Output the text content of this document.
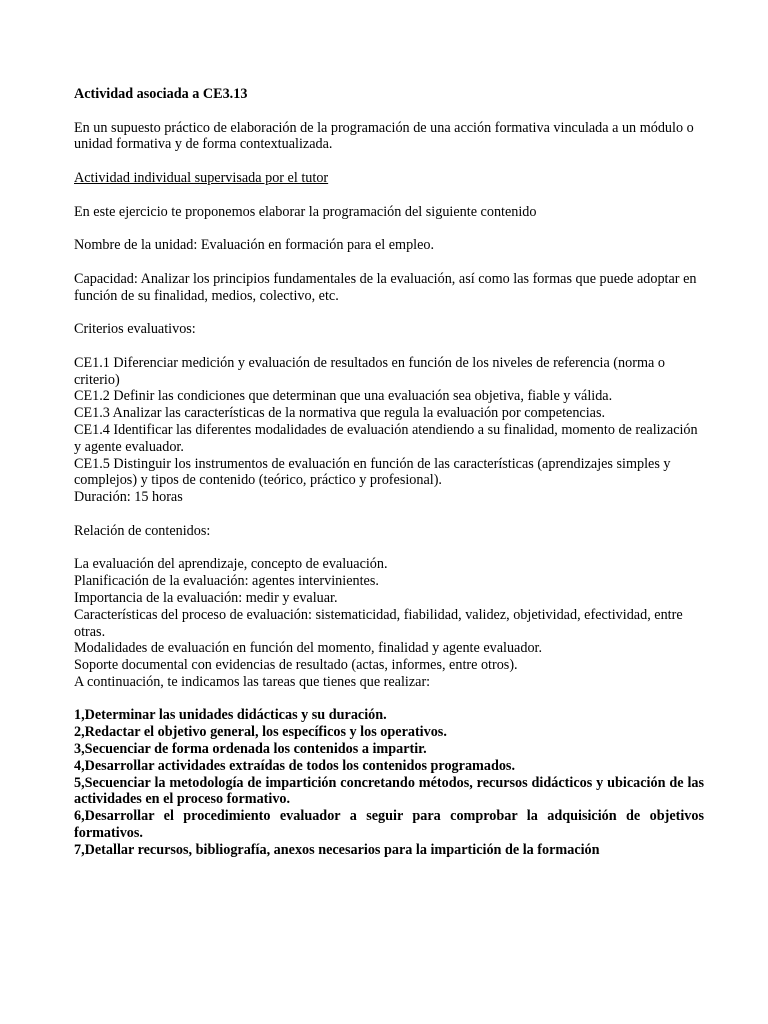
Actividad asociada a CE3.13

En un supuesto práctico de elaboración de la programación de una acción formativa vinculada a un módulo o unidad formativa y de forma contextualizada.

Actividad individual supervisada por el tutor

En este ejercicio te proponemos elaborar la programación del siguiente contenido

Nombre de la unidad: Evaluación en formación para el empleo.

Capacidad: Analizar los principios fundamentales de la evaluación, así como las formas que puede adoptar en función de su finalidad, medios, colectivo, etc.

Criterios evaluativos:

CE1.1 Diferenciar medición y evaluación de resultados en función de los niveles de referencia (norma o criterio)

CE1.2 Definir las condiciones que determinan que una evaluación sea objetiva, fiable y válida.

CE1.3 Analizar las características de la normativa que regula la evaluación por competencias.

CE1.4 Identificar las diferentes modalidades de evaluación atendiendo a su finalidad, momento de realización y agente evaluador.

CE1.5 Distinguir los instrumentos de evaluación en función de las características (aprendizajes simples y complejos) y tipos de contenido (teórico, práctico y profesional).

Duración: 15 horas

Relación de contenidos:

La evaluación del aprendizaje, concepto de evaluación.

Planificación de la evaluación: agentes intervinientes.

Importancia de la evaluación: medir y evaluar.

Características del proceso de evaluación: sistematicidad, fiabilidad, validez, objetividad, efectividad, entre otras.

Modalidades de evaluación en función del momento, finalidad y agente evaluador.

Soporte documental con evidencias de resultado (actas, informes, entre otros).

A continuación, te indicamos las tareas que tienes que realizar:

1,Determinar las unidades didácticas y su duración.

2,Redactar el objetivo general, los específicos y los operativos.

3,Secuenciar de forma ordenada los contenidos a impartir.

4,Desarrollar actividades extraídas de todos los contenidos programados.

5,Secuenciar la metodología de impartición concretando métodos, recursos didácticos y ubicación de las actividades en el proceso formativo.

6,Desarrollar el procedimiento evaluador a seguir para comprobar la adquisición de objetivos formativos.

7,Detallar recursos, bibliografía, anexos necesarios para la impartición de la formación
